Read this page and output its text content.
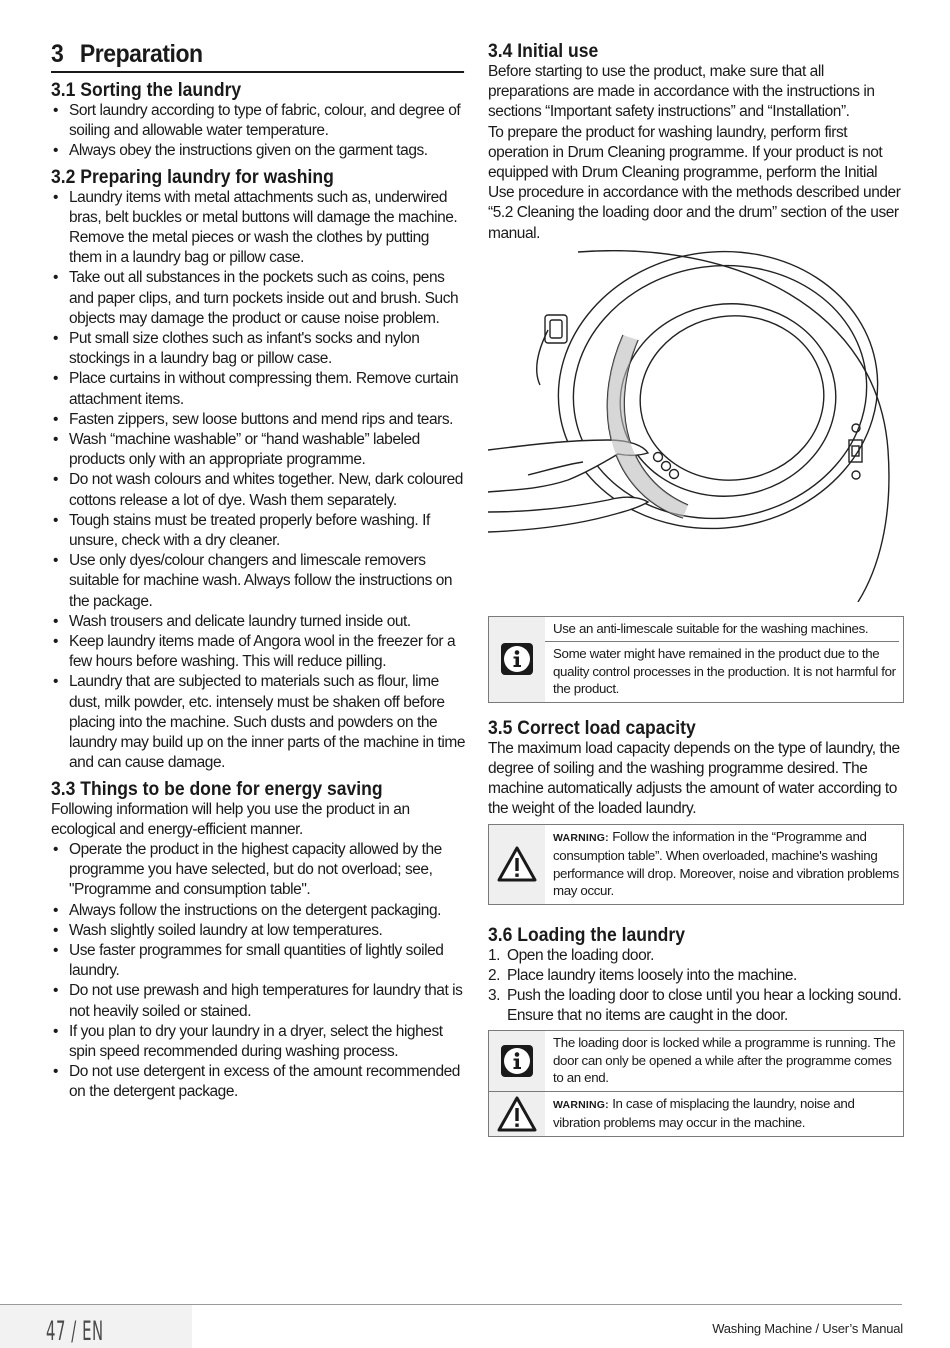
3 Preparation
3.1 Sorting the laundry
• Sort laundry according to type of fabric, colour, and degree of soiling and allowable water temperature.
• Always obey the instructions given on the garment tags.
3.2 Preparing laundry for washing
• Laundry items with metal attachments such as, underwired bras, belt buckles or metal buttons will damage the machine. Remove the metal pieces or wash the clothes by putting them in a laundry bag or pillow case.
• Take out all substances in the pockets such as coins, pens and paper clips, and turn pockets inside out and brush. Such objects may damage the product or cause noise problem.
• Put small size clothes such as infant's socks and nylon stockings in a laundry bag or pillow case.
• Place curtains in without compressing them. Remove curtain attachment items.
• Fasten zippers, sew loose buttons and mend rips and tears.
• Wash “machine washable” or “hand washable” labeled products only with an appropriate programme.
• Do not wash colours and whites together. New, dark coloured cottons release a lot of dye. Wash them separately.
• Tough stains must be treated properly before washing. If unsure, check with a dry cleaner.
• Use only dyes/colour changers and limescale removers suitable for machine wash. Always follow the instructions on the package.
• Wash trousers and delicate laundry turned inside out.
• Keep laundry items made of Angora wool in the freezer for a few hours before washing. This will reduce pilling.
• Laundry that are subjected to materials such as flour, lime dust, milk powder, etc. intensely must be shaken off before placing into the machine. Such dusts and powders on the laundry may build up on the inner parts of the machine in time and can cause damage.
3.3 Things to be done for energy saving

Following information will help you use the product in an ecological and energy-efficient manner.

• Operate the product in the highest capacity allowed by the programme you have selected, but do not overload; see, "Programme and consumption table".
• Always follow the instructions on the detergent packaging.
• Wash slightly soiled laundry at low temperatures.
• Use faster programmes for small quantities of lightly soiled laundry.
• Do not use prewash and high temperatures for laundry that is not heavily soiled or stained.
• If you plan to dry your laundry in a dryer, select the highest spin speed recommended during washing process.
• Do not use detergent in excess of the amount recommended on the detergent package.
3.4 Initial use

Before starting to use the product, make sure that all preparations are made in accordance with the instructions in sections “Important safety instructions” and “Installation”.

To prepare the product for washing laundry, perform first operation in Drum Cleaning programme. If your product is not equipped with Drum Cleaning programme, perform the Initial Use procedure in accordance with the methods described under “5.2 Cleaning the loading door and the drum” section of the user manual.

Use an anti-limescale suitable for the washing machines.
Some water might have remained in the product due to the quality control processes in the production. It is not harmful for the product.
3.5 Correct load capacity

The maximum load capacity depends on the type of laundry, the degree of soiling and the washing programme desired. The machine automatically adjusts the amount of water according to the weight of the loaded laundry.

WARNING: Follow the information in the “Programme and consumption table”. When overloaded, machine's washing performance will drop. Moreover, noise and vibration problems may occur.
3.6 Loading the laundry
1. Open the loading door.
2. Place laundry items loosely into the machine.
3. Push the loading door to close until you hear a locking sound. Ensure that no items are caught in the door.
The loading door is locked while a programme is running. The door can only be opened a while after the programme comes to an end.
WARNING: In case of misplacing the laundry, noise and vibration problems may occur in the machine.
47 / EN	Washing Machine / User’s Manual
